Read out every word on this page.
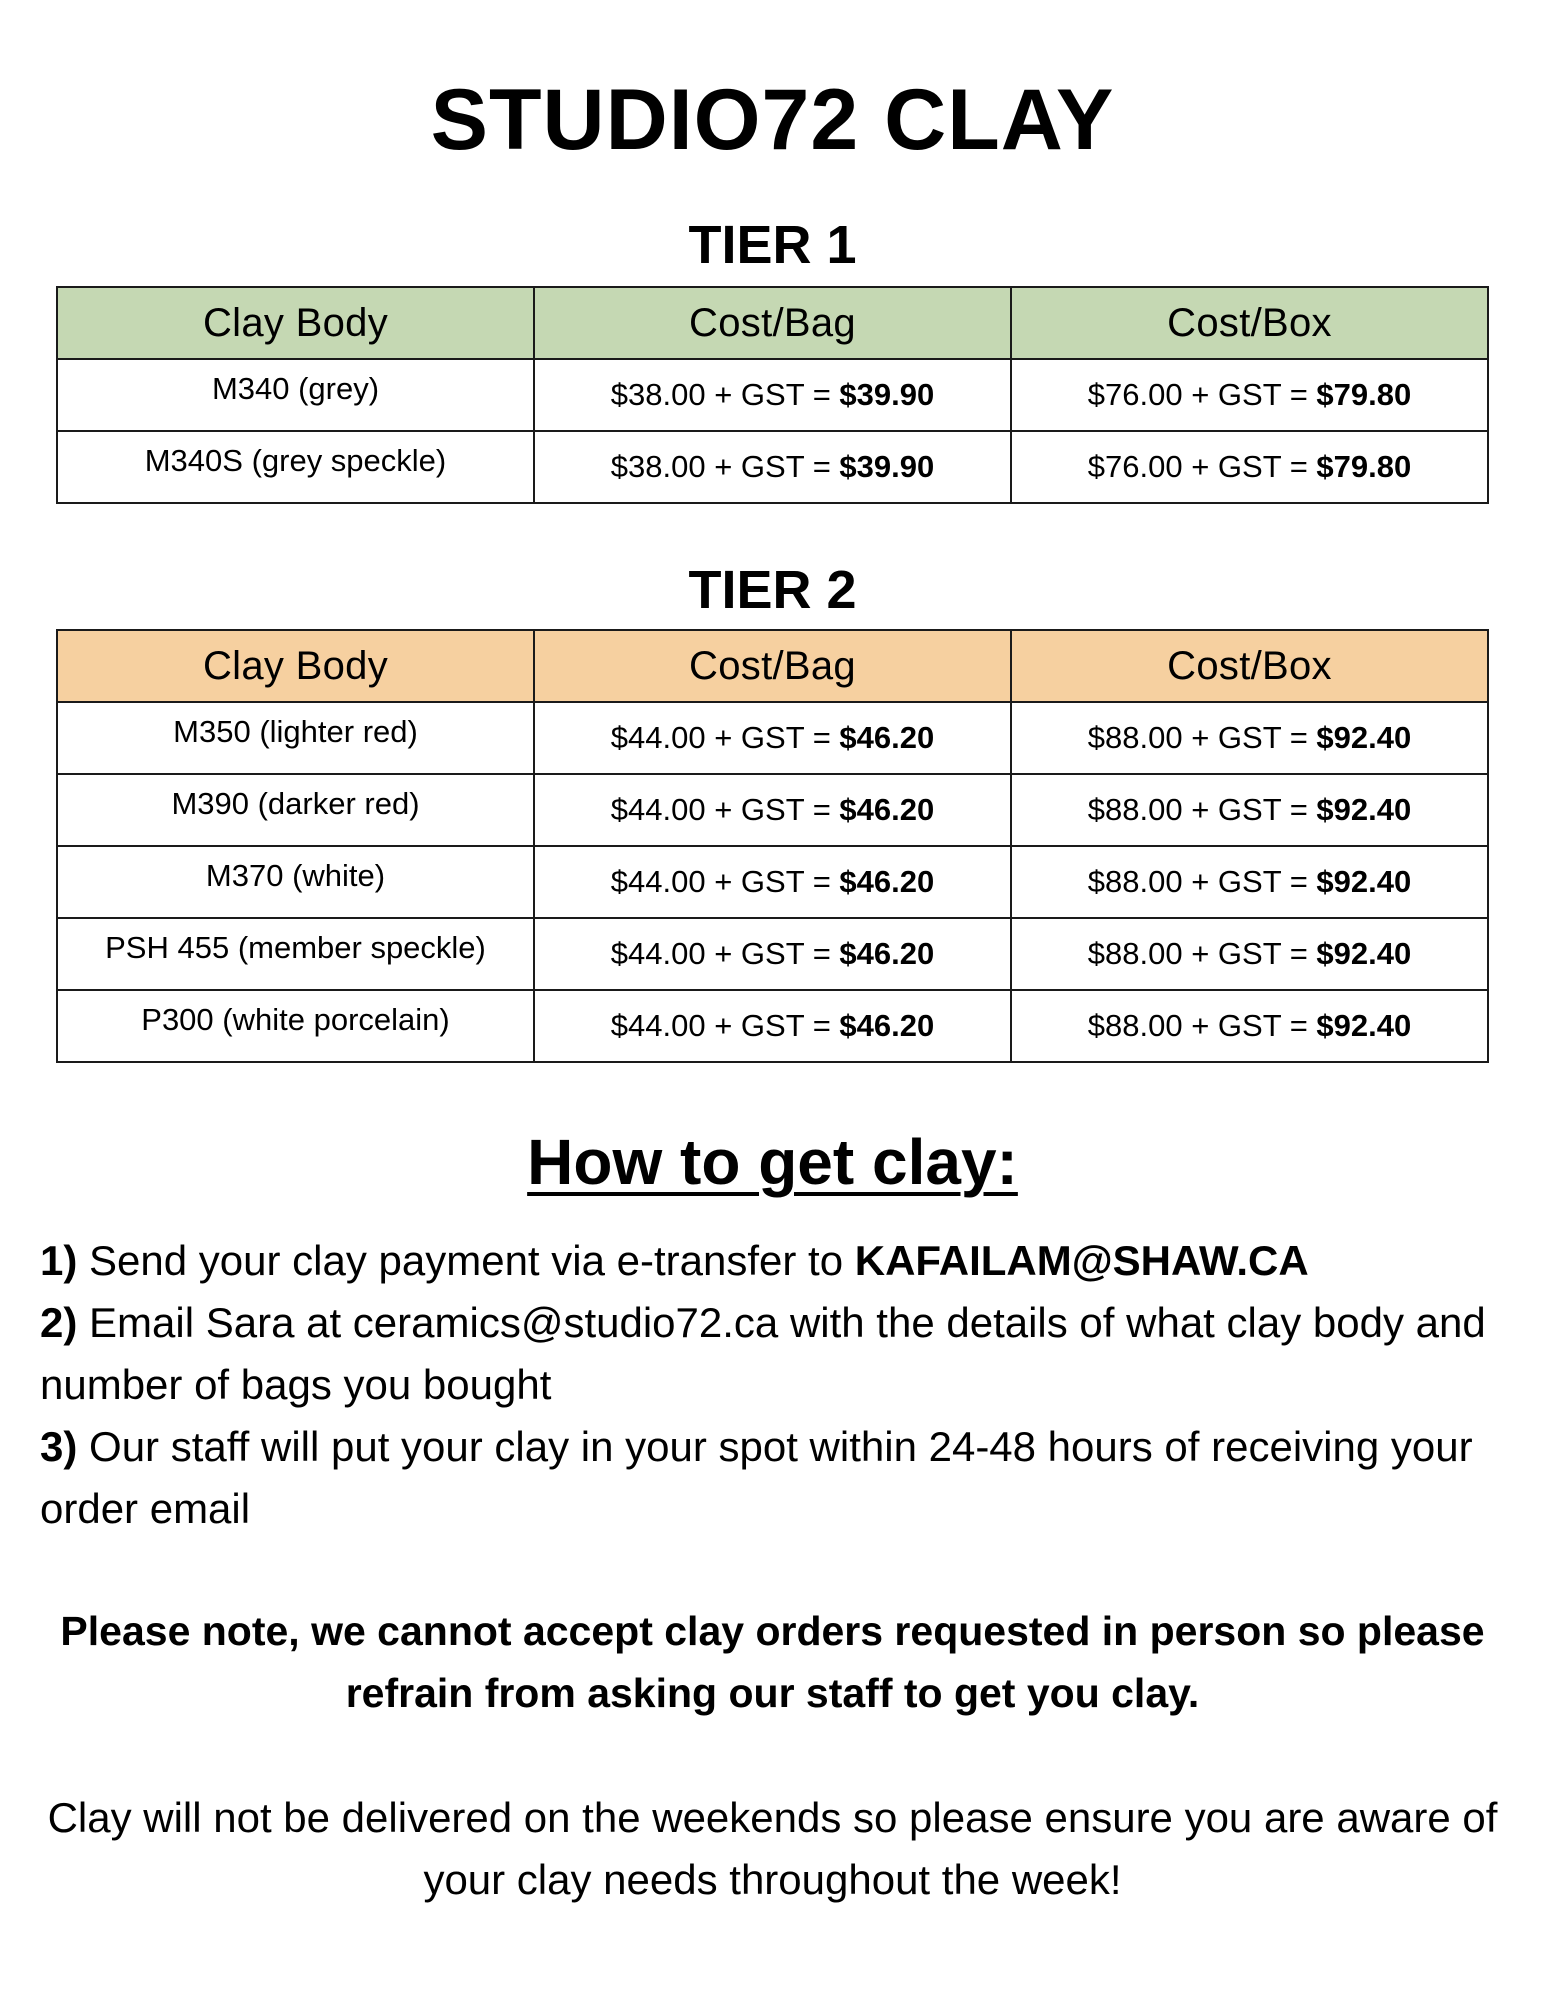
STUDIO72 CLAY
TIER 1
Clay Body	Cost/Bag	Cost/Box
M340 (grey)	$38.00 + GST = $39.90	$76.00 + GST = $79.80
M340S (grey speckle)	$38.00 + GST = $39.90	$76.00 + GST = $79.80
TIER 2
Clay Body	Cost/Bag	Cost/Box
M350 (lighter red)	$44.00 + GST = $46.20	$88.00 + GST = $92.40
M390 (darker red)	$44.00 + GST = $46.20	$88.00 + GST = $92.40
M370 (white)	$44.00 + GST = $46.20	$88.00 + GST = $92.40
PSH 455 (member speckle)	$44.00 + GST = $46.20	$88.00 + GST = $92.40
P300 (white porcelain)	$44.00 + GST = $46.20	$88.00 + GST = $92.40
How to get clay:

1) Send your clay payment via e-transfer to KAFAILAM@SHAW.CA

2) Email Sara at ceramics@studio72.ca with the details of what clay body and number of bags you bought

3) Our staff will put your clay in your spot within 24-48 hours of receiving your order email

Please note, we cannot accept clay orders requested in person so please refrain from asking our staff to get you clay.
Clay will not be delivered on the weekends so please ensure you are aware of your clay needs throughout the week!
